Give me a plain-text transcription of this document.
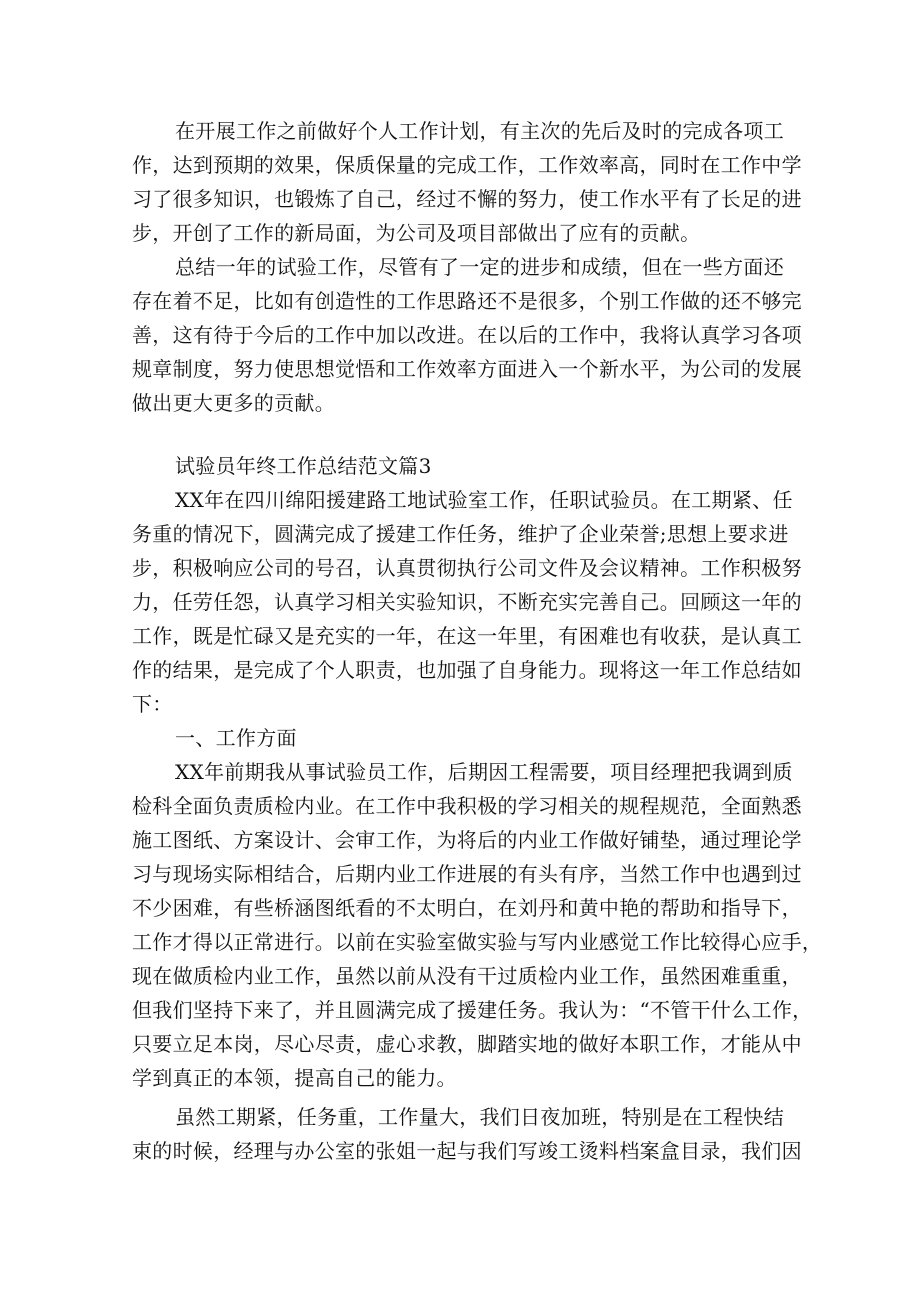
在开展工作之前做好个人工作计划，有主次的先后及时的完成各项工
作，达到预期的效果，保质保量的完成工作，工作效率高，同时在工作中学
习了很多知识，也锻炼了自己，经过不懈的努力，使工作水平有了长足的进
步，开创了工作的新局面，为公司及项目部做出了应有的贡献。
总结一年的试验工作，尽管有了一定的进步和成绩，但在一些方面还
存在着不足，比如有创造性的工作思路还不是很多，个别工作做的还不够完
善，这有待于今后的工作中加以改进。在以后的工作中，我将认真学习各项
规章制度，努力使思想觉悟和工作效率方面进入一个新水平，为公司的发展
做出更大更多的贡献。
试验员年终工作总结范文篇3
XX年在四川绵阳援建路工地试验室工作，任职试验员。在工期紧、任
务重的情况下，圆满完成了援建工作任务，维护了企业荣誉;思想上要求进
步，积极响应公司的号召，认真贯彻执行公司文件及会议精神。工作积极努
力，任劳任怨，认真学习相关实验知识，不断充实完善自己。回顾这一年的
工作，既是忙碌又是充实的一年，在这一年里，有困难也有收获，是认真工
作的结果，是完成了个人职责，也加强了自身能力。现将这一年工作总结如
下：
一、工作方面
XX年前期我从事试验员工作，后期因工程需要，项目经理把我调到质
检科全面负责质检内业。在工作中我积极的学习相关的规程规范，全面熟悉
施工图纸、方案设计、会审工作，为将后的内业工作做好铺垫，通过理论学
习与现场实际相结合，后期内业工作进展的有头有序，当然工作中也遇到过
不少困难，有些桥涵图纸看的不太明白，在刘丹和黄中艳的帮助和指导下，
工作才得以正常进行。以前在实验室做实验与写内业感觉工作比较得心应手，
现在做质检内业工作，虽然以前从没有干过质检内业工作，虽然困难重重，
但我们坚持下来了，并且圆满完成了援建任务。我认为：“不管干什么工作，
只要立足本岗，尽心尽责，虚心求教，脚踏实地的做好本职工作，才能从中
学到真正的本领，提高自己的能力。
虽然工期紧，任务重，工作量大，我们日夜加班，特别是在工程快结
束的时候，经理与办公室的张姐一起与我们写竣工烫料档案盒目录，我们因
